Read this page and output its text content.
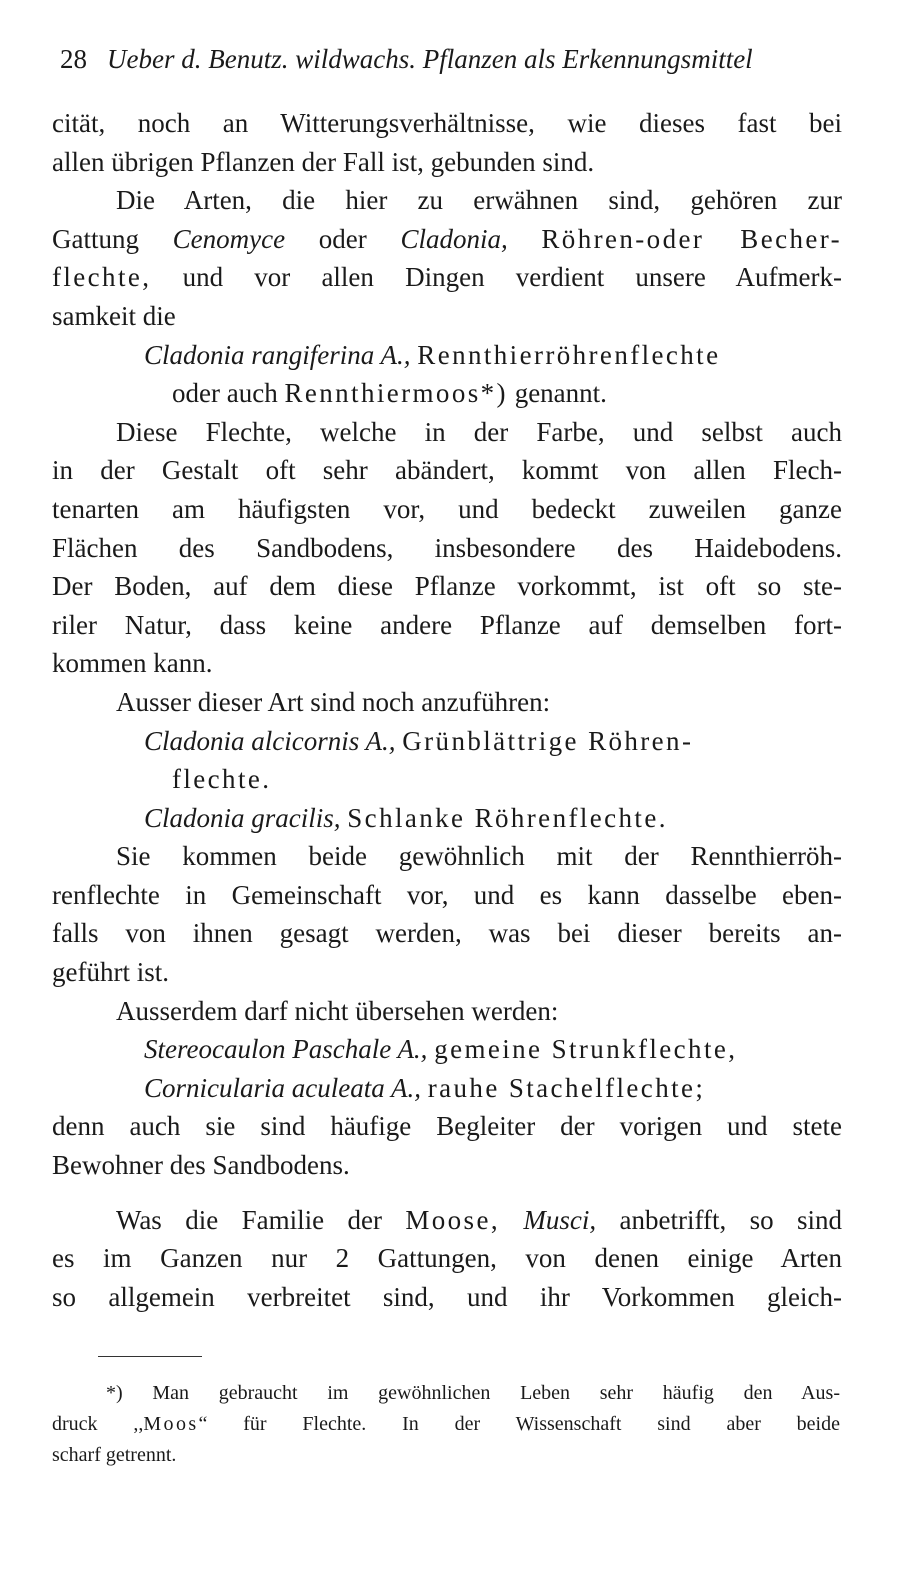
28 Ueber d. Benutz. wildwachs. Pflanzen als Erkennungsmittel
cität, noch an Witterungsverhältnisse, wie dieses fast bei
allen übrigen Pflanzen der Fall ist, gebunden sind.
Die Arten, die hier zu erwähnen sind, gehören zur
Gattung Cenomyce oder Cladonia, Röhren-oder Becher-
flechte, und vor allen Dingen verdient unsere Aufmerk-
samkeit die
Cladonia rangiferina A., Rennthierröhrenflechte
oder auch Rennthiermoos*) genannt.
Diese Flechte, welche in der Farbe, und selbst auch
in der Gestalt oft sehr abändert, kommt von allen Flech-
tenarten am häufigsten vor, und bedeckt zuweilen ganze
Flächen des Sandbodens, insbesondere des Haidebodens.
Der Boden, auf dem diese Pflanze vorkommt, ist oft so ste-
riler Natur, dass keine andere Pflanze auf demselben fort-
kommen kann.
Ausser dieser Art sind noch anzuführen:
Cladonia alcicornis A., Grünblättrige Röhren-
flechte.
Cladonia gracilis, Schlanke Röhrenflechte.
Sie kommen beide gewöhnlich mit der Rennthierröh-
renflechte in Gemeinschaft vor, und es kann dasselbe eben-
falls von ihnen gesagt werden, was bei dieser bereits an-
geführt ist.
Ausserdem darf nicht übersehen werden:
Stereocaulon Paschale A., gemeine Strunkflechte,
Cornicularia aculeata A., rauhe Stachelflechte;
denn auch sie sind häufige Begleiter der vorigen und stete
Bewohner des Sandbodens.
Was die Familie der Moose, Musci, anbetrifft, so sind
es im Ganzen nur 2 Gattungen, von denen einige Arten
so allgemein verbreitet sind, und ihr Vorkommen gleich-
*) Man gebraucht im gewöhnlichen Leben sehr häufig den Aus-
druck ,,Moos“ für Flechte. In der Wissenschaft sind aber beide
scharf getrennt.
